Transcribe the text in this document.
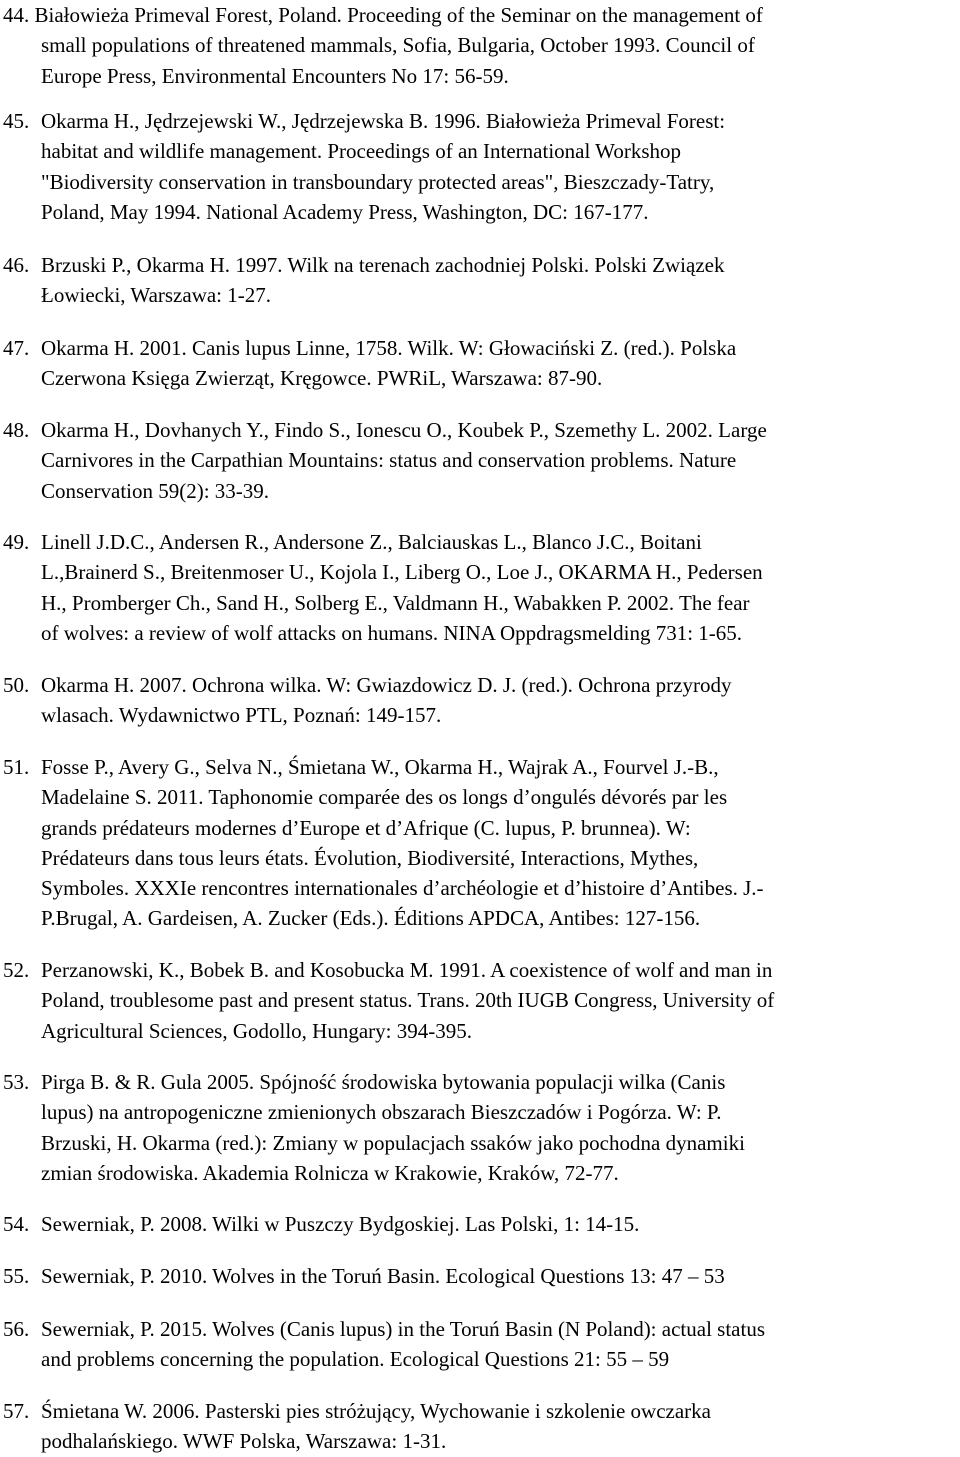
44. Białowieża Primeval Forest, Poland. Proceeding of the Seminar on the management of
small populations of threatened mammals, Sofia, Bulgaria, October 1993. Council of
Europe Press, Environmental Encounters No 17: 56-59.
45. Okarma H., Jędrzejewski W., Jędrzejewska B. 1996. Białowieża Primeval Forest:
habitat and wildlife management. Proceedings of an International Workshop
"Biodiversity conservation in transboundary protected areas", Bieszczady-Tatry,
Poland, May 1994. National Academy Press, Washington, DC: 167-177.
46. Brzuski P., Okarma H. 1997. Wilk na terenach zachodniej Polski. Polski Związek
Łowiecki, Warszawa: 1-27.
47. Okarma H. 2001. Canis lupus Linne, 1758. Wilk. W: Głowaciński Z. (red.). Polska
Czerwona Księga Zwierząt, Kręgowce. PWRiL, Warszawa: 87-90.
48. Okarma H., Dovhanych Y., Findo S., Ionescu O., Koubek P., Szemethy L. 2002. Large
Carnivores in the Carpathian Mountains: status and conservation problems. Nature
Conservation 59(2): 33-39.
49. Linell J.D.C., Andersen R., Andersone Z., Balciauskas L., Blanco J.C., Boitani
L.,Brainerd S., Breitenmoser U., Kojola I., Liberg O., Loe J., OKARMA H., Pedersen
H., Promberger Ch., Sand H., Solberg E., Valdmann H., Wabakken P. 2002. The fear
of wolves: a review of wolf attacks on humans. NINA Oppdragsmelding 731: 1-65.
50. Okarma H. 2007. Ochrona wilka. W: Gwiazdowicz D. J. (red.). Ochrona przyrody
wlasach. Wydawnictwo PTL, Poznań: 149-157.
51. Fosse P., Avery G., Selva N., Śmietana W., Okarma H., Wajrak A., Fourvel J.-B.,
Madelaine S. 2011. Taphonomie comparée des os longs d’ongulés dévorés par les
grands prédateurs modernes d’Europe et d’Afrique (C. lupus, P. brunnea). W:
Prédateurs dans tous leurs états. Évolution, Biodiversité, Interactions, Mythes,
Symboles. XXXIe rencontres internationales d’archéologie et d’histoire d’Antibes. J.-
P.Brugal, A. Gardeisen, A. Zucker (Eds.). Éditions APDCA, Antibes: 127-156.
52. Perzanowski, K., Bobek B. and Kosobucka M. 1991. A coexistence of wolf and man in
Poland, troublesome past and present status. Trans. 20th IUGB Congress, University of
Agricultural Sciences, Godollo, Hungary: 394-395.
53. Pirga B. & R. Gula 2005. Spójność środowiska bytowania populacji wilka (Canis
lupus) na antropogeniczne zmienionych obszarach Bieszczadów i Pogórza. W: P.
Brzuski, H. Okarma (red.): Zmiany w populacjach ssaków jako pochodna dynamiki
zmian środowiska. Akademia Rolnicza w Krakowie, Kraków, 72-77.
54. Sewerniak, P. 2008. Wilki w Puszczy Bydgoskiej. Las Polski, 1: 14-15.
55. Sewerniak, P. 2010. Wolves in the Toruń Basin. Ecological Questions 13: 47 – 53
56. Sewerniak, P. 2015. Wolves (Canis lupus) in the Toruń Basin (N Poland): actual status
and problems concerning the population. Ecological Questions 21: 55 – 59
57. Śmietana W. 2006. Pasterski pies stróżujący, Wychowanie i szkolenie owczarka
podhalańskiego. WWF Polska, Warszawa: 1-31.
